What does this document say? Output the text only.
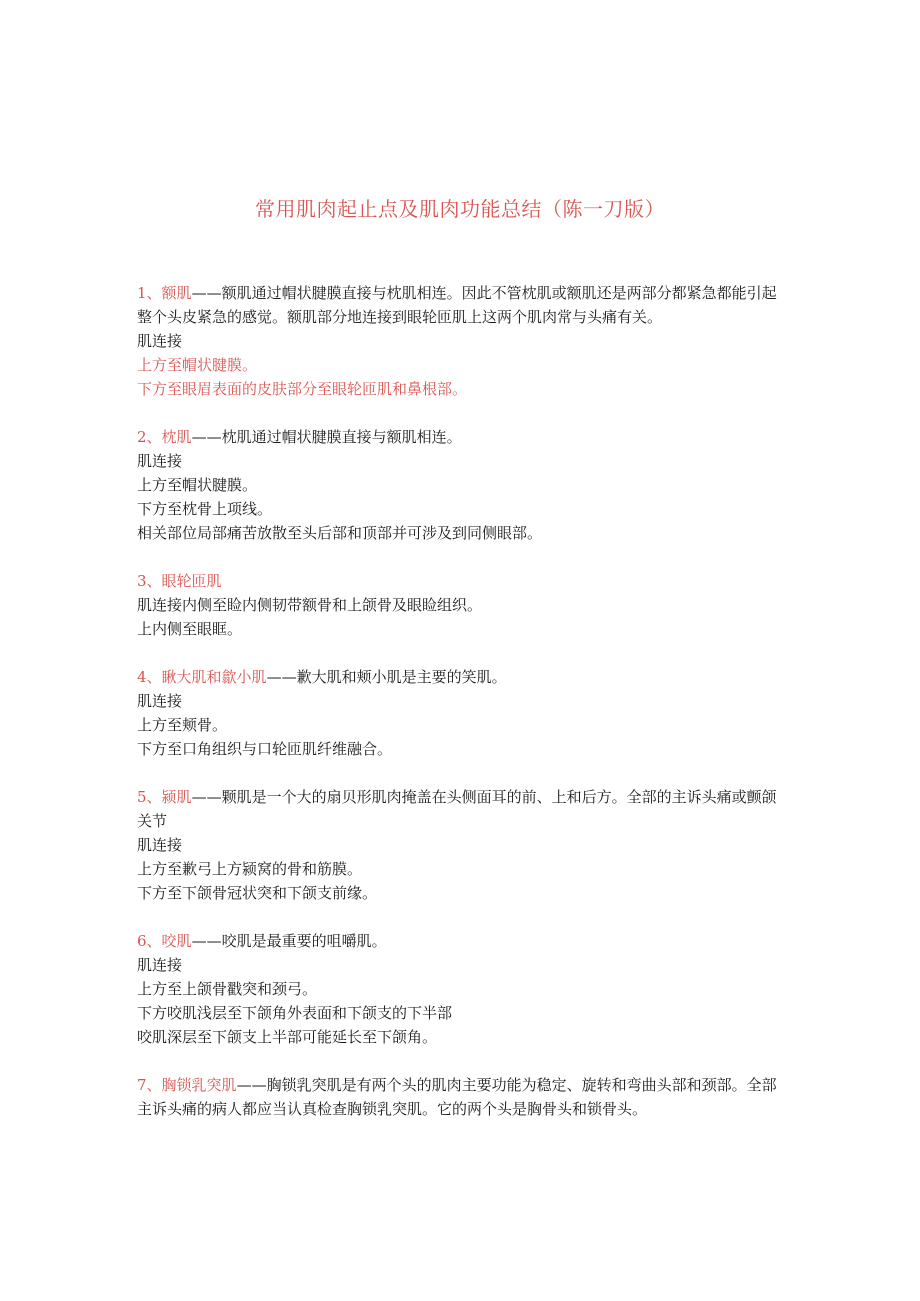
常用肌肉起止点及肌肉功能总结（陈一刀版）
1、额肌——额肌通过帽状腱膜直接与枕肌相连。因此不管枕肌或额肌还是两部分都紧急都能引起整个头皮紧急的感觉。额肌部分地连接到眼轮匝肌上这两个肌肉常与头痛有关。
肌连接
上方至帽状腱膜。
下方至眼眉表面的皮肤部分至眼轮匝肌和鼻根部。
2、枕肌——枕肌通过帽状腱膜直接与额肌相连。
肌连接
上方至帽状腱膜。
下方至枕骨上项线。
相关部位局部痛苦放散至头后部和顶部并可涉及到同侧眼部。
3、眼轮匝肌
肌连接内侧至睑内侧韧带额骨和上颌骨及眼睑组织。
上内侧至眼眶。
4、瞅大肌和歙小肌——歉大肌和颊小肌是主要的笑肌。
肌连接
上方至颊骨。
下方至口角组织与口轮匝肌纤维融合。
5、颍肌——颗肌是一个大的扇贝形肌肉掩盖在头侧面耳的前、上和后方。全部的主诉头痛或颤颌关节
肌连接
上方至歉弓上方颍窝的骨和筋膜。
下方至下颌骨冠状突和下颌支前缘。
6、咬肌——咬肌是最重要的咀嚼肌。
肌连接
上方至上颌骨戳突和颈弓。
下方咬肌浅层至下颌角外表面和下颌支的下半部
咬肌深层至下颌支上半部可能延长至下颌角。
7、胸锁乳突肌——胸锁乳突肌是有两个头的肌肉主要功能为稳定、旋转和弯曲头部和颈部。全部主诉头痛的病人都应当认真检查胸锁乳突肌。它的两个头是胸骨头和锁骨头。
